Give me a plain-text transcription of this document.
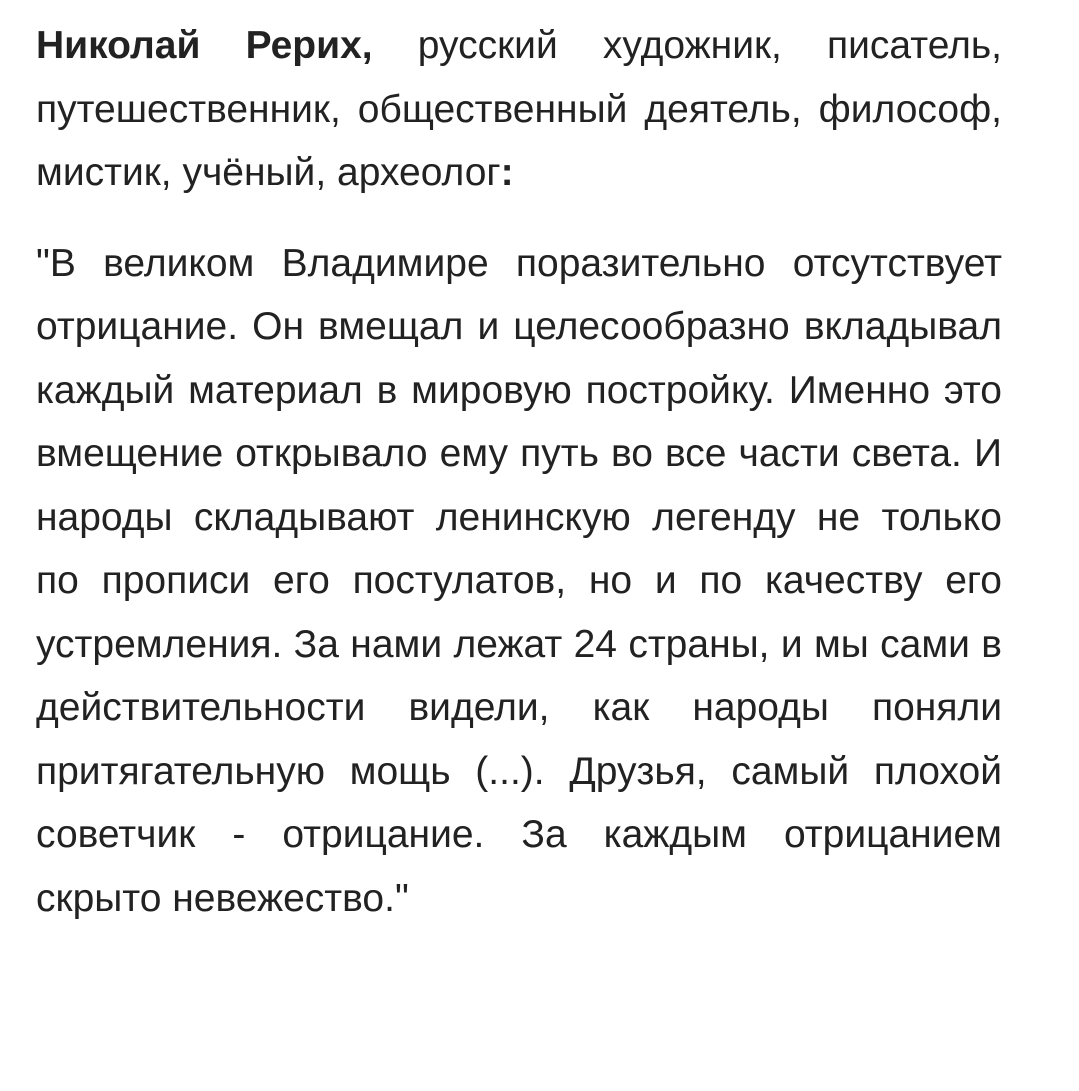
Николай Рерих, русский художник, писатель, путешественник, общественный деятель, философ, мистик, учёный, археолог:

"В великом Владимире поразительно отсутствует отрицание. Он вмещал и целесообразно вкладывал каждый материал в мировую постройку. Именно это вмещение открывало ему путь во все части света. И народы складывают ленинскую легенду не только по прописи его постулатов, но и по качеству его устремления. За нами лежат 24 страны, и мы сами в действительности видели, как народы поняли притягательную мощь (...). Друзья, самый плохой советчик - отрицание. За каждым отрицанием скрыто невежество."
